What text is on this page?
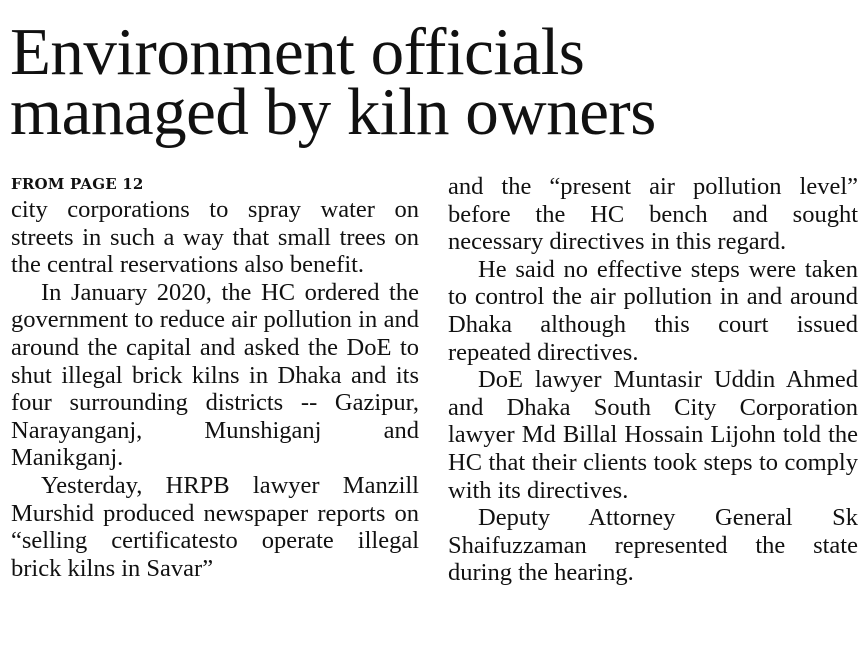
Environment officials
managed by kiln owners

FROM PAGE 12

city corporations to spray water on streets in such a way that small trees on the central reservations also benefit.

In January 2020, the HC ordered the government to reduce air pollution in and around the capital and asked the DoE to shut illegal brick kilns in Dhaka and its four surrounding districts -- Gazipur, Narayanganj, Munshiganj and Manikganj.

Yesterday, HRPB lawyer Manzill Murshid produced newspaper reports on “selling certificatesto operate illegal brick kilns in Savar”

and the “present air pollution level” before the HC bench and sought necessary directives in this regard.

He said no effective steps were taken to control the air pollution in and around Dhaka although this court issued repeated directives.

DoE lawyer Muntasir Uddin Ahmed and Dhaka South City Corporation lawyer Md Billal Hossain Lijohn told the HC that their clients took steps to comply with its directives.

Deputy Attorney General Sk Shaifuzzaman represented the state during the hearing.
